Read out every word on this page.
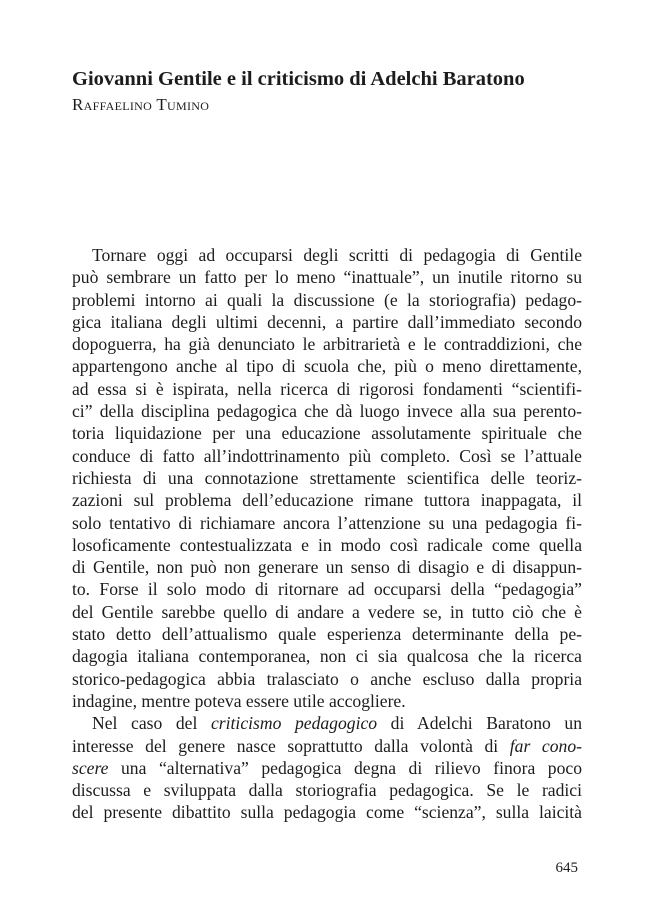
Giovanni Gentile e il criticismo di Adelchi Baratono

Raffaelino Tumino

Tornare oggi ad occuparsi degli scritti di pedagogia di Gentile
può sembrare un fatto per lo meno “inattuale”, un inutile ritorno su
problemi intorno ai quali la discussione (e la storiografia) pedago-
gica italiana degli ultimi decenni, a partire dall’immediato secondo
dopoguerra, ha già denunciato le arbitrarietà e le contraddizioni, che
appartengono anche al tipo di scuola che, più o meno direttamente,
ad essa si è ispirata, nella ricerca di rigorosi fondamenti “scientifi-
ci” della disciplina pedagogica che dà luogo invece alla sua perento-
toria liquidazione per una educazione assolutamente spirituale che
conduce di fatto all’indottrinamento più completo. Così se l’attuale
richiesta di una connotazione strettamente scientifica delle teoriz-
zazioni sul problema dell’educazione rimane tuttora inappagata, il
solo tentativo di richiamare ancora l’attenzione su una pedagogia fi-
losoficamente contestualizzata e in modo così radicale come quella
di Gentile, non può non generare un senso di disagio e di disappun-
to. Forse il solo modo di ritornare ad occuparsi della “pedagogia”
del Gentile sarebbe quello di andare a vedere se, in tutto ciò che è
stato detto dell’attualismo quale esperienza determinante della pe-
dagogia italiana contemporanea, non ci sia qualcosa che la ricerca
storico-pedagogica abbia tralasciato o anche escluso dalla propria
indagine, mentre poteva essere utile accogliere.
Nel caso del criticismo pedagogico di Adelchi Baratono un
interesse del genere nasce soprattutto dalla volontà di far cono-
scere una “alternativa” pedagogica degna di rilievo finora poco
discussa e sviluppata dalla storiografia pedagogica. Se le radici
del presente dibattito sulla pedagogia come “scienza”, sulla laicità

645
